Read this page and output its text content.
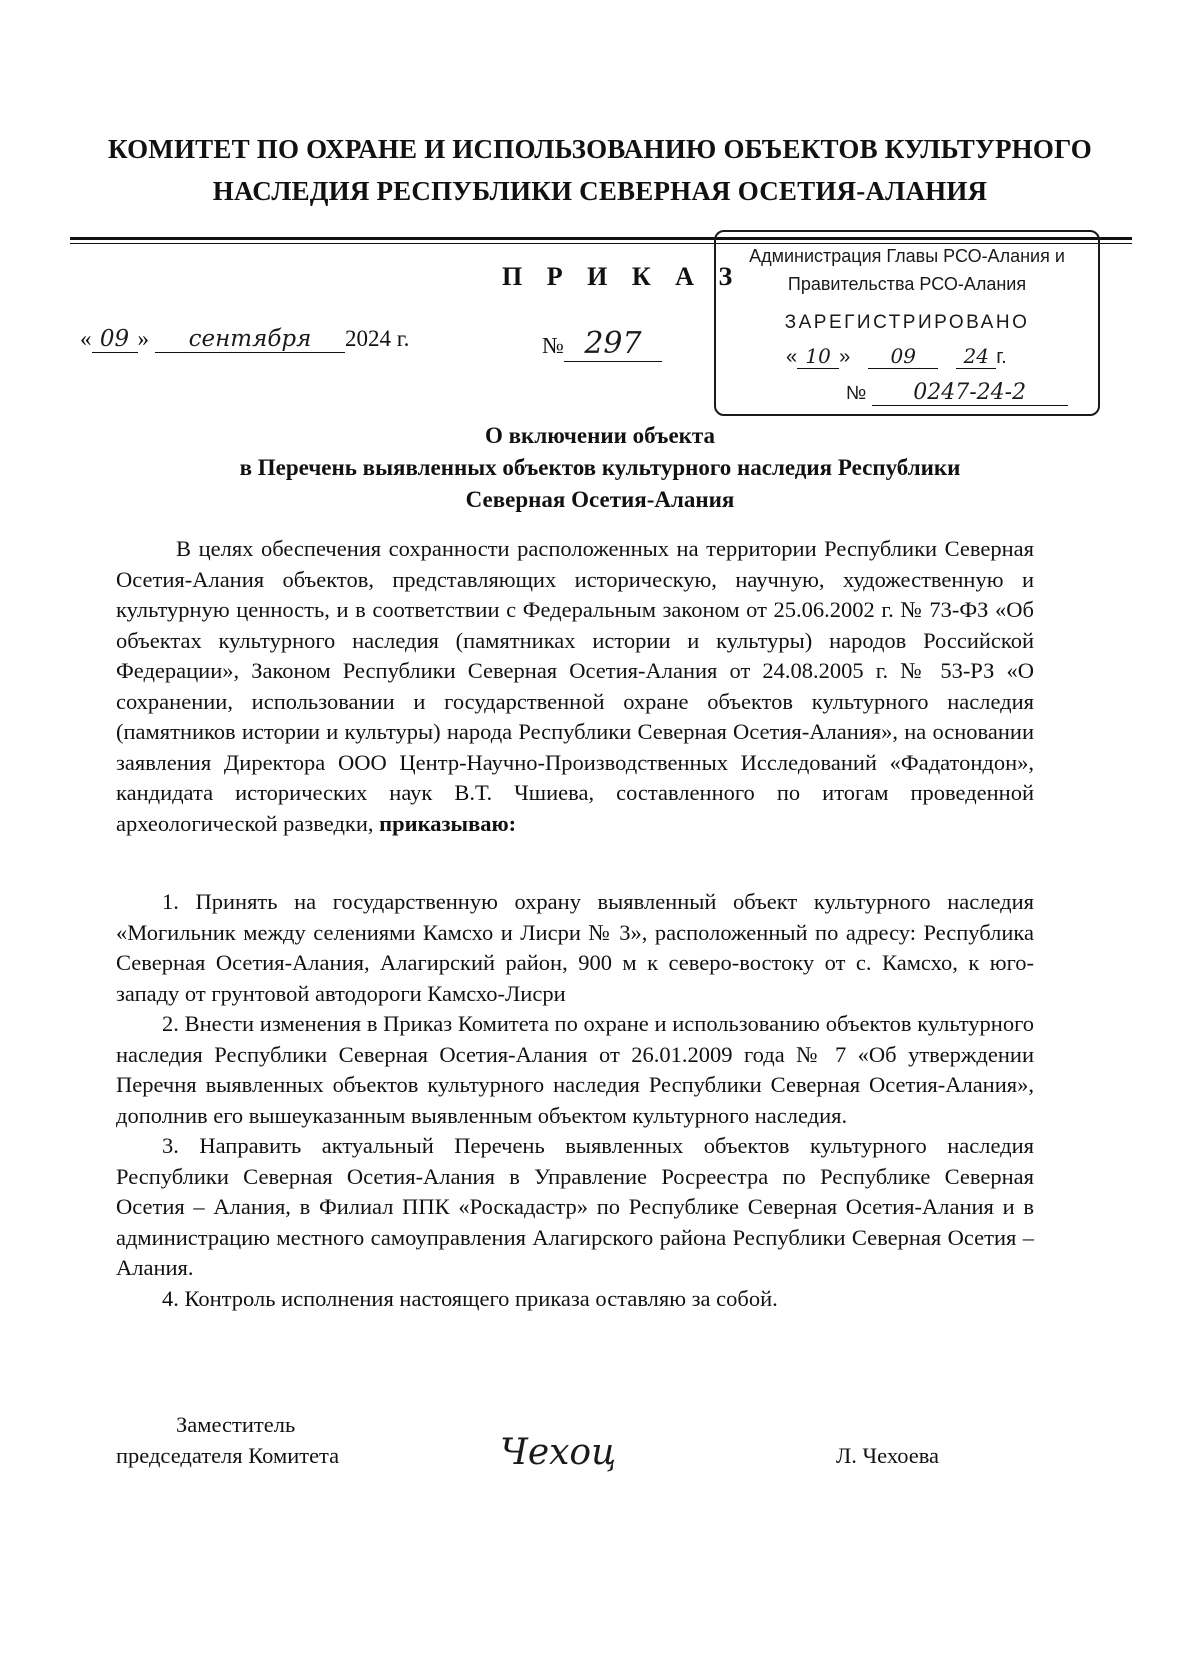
КОМИТЕТ ПО ОХРАНЕ И ИСПОЛЬЗОВАНИЮ ОБЪЕКТОВ КУЛЬТУРНОГО
НАСЛЕДИЯ РЕСПУБЛИКИ СЕВЕРНАЯ ОСЕТИЯ-АЛАНИЯ
П Р И К А З
« 09 » сентября 2024 г.	№ 297
Администрация Главы РСО-Алания и
Правительства РСО-Алания
ЗАРЕГИСТРИРОВАНО
« 10 » 09 24 г.
№ 0247-24-2
О включении объекта
в Перечень выявленных объектов культурного наследия Республики
Северная Осетия-Алания
В целях обеспечения сохранности расположенных на территории Республики Северная Осетия-Алания объектов, представляющих историческую, научную, художественную и культурную ценность, и в соответствии с Федеральным законом от 25.06.2002 г. № 73-ФЗ «Об объектах культурного наследия (памятниках истории и культуры) народов Российской Федерации», Законом Республики Северная Осетия-Алания от 24.08.2005 г. № 53-РЗ «О сохранении, использовании и государственной охране объектов культурного наследия (памятников истории и культуры) народа Республики Северная Осетия-Алания», на основании заявления Директора ООО Центр-Научно-Производственных Исследований «Фадатондон», кандидата исторических наук В.Т. Чшиева, составленного по итогам проведенной археологической разведки, приказываю:
1. Принять на государственную охрану выявленный объект культурного наследия «Могильник между селениями Камсхо и Лисри № 3», расположенный по адресу: Республика Северная Осетия-Алания, Алагирский район, 900 м к северо-востоку от с. Камсхо, к юго-западу от грунтовой автодороги Камсхо-Лисри
2. Внести изменения в Приказ Комитета по охране и использованию объектов культурного наследия Республики Северная Осетия-Алания от 26.01.2009 года № 7 «Об утверждении Перечня выявленных объектов культурного наследия Республики Северная Осетия-Алания», дополнив его вышеуказанным выявленным объектом культурного наследия.
3. Направить актуальный Перечень выявленных объектов культурного наследия Республики Северная Осетия-Алания в Управление Росреестра по Республике Северная Осетия – Алания, в Филиал ППК «Роскадастр» по Республике Северная Осетия-Алания и в администрацию местного самоуправления Алагирского района Республики Северная Осетия – Алания.
4. Контроль исполнения настоящего приказа оставляю за собой.
Заместитель
председателя Комитета	Чехоц	Л. Чехоева
